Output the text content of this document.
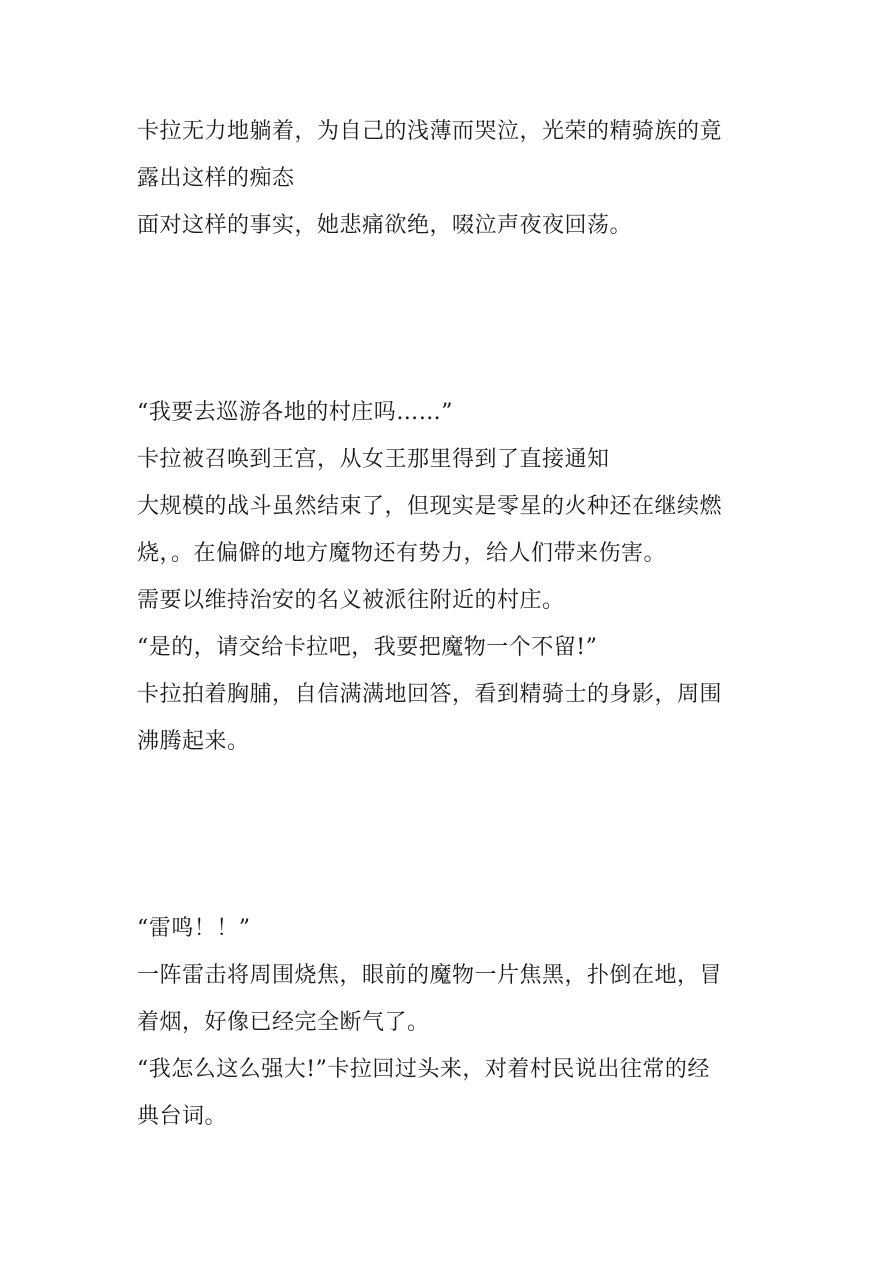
卡拉无力地躺着，为自己的浅薄而哭泣，光荣的精骑族的竟
露出这样的痴态
面对这样的事实，她悲痛欲绝，啜泣声夜夜回荡。
“我要去巡游各地的村庄吗……”
卡拉被召唤到王宫，从女王那里得到了直接通知
大规模的战斗虽然结束了，但现实是零星的火种还在继续燃
烧，。在偏僻的地方魔物还有势力，给人们带来伤害。
需要以维持治安的名义被派往附近的村庄。
“是的，请交给卡拉吧，我要把魔物一个不留!”
卡拉拍着胸脯，自信满满地回答，看到精骑士的身影，周围
沸腾起来。
“雷鸣！！”
一阵雷击将周围烧焦，眼前的魔物一片焦黑，扑倒在地，冒
着烟，好像已经完全断气了。
“我怎么这么强大!”卡拉回过头来，对着村民说出往常的经
典台词。
